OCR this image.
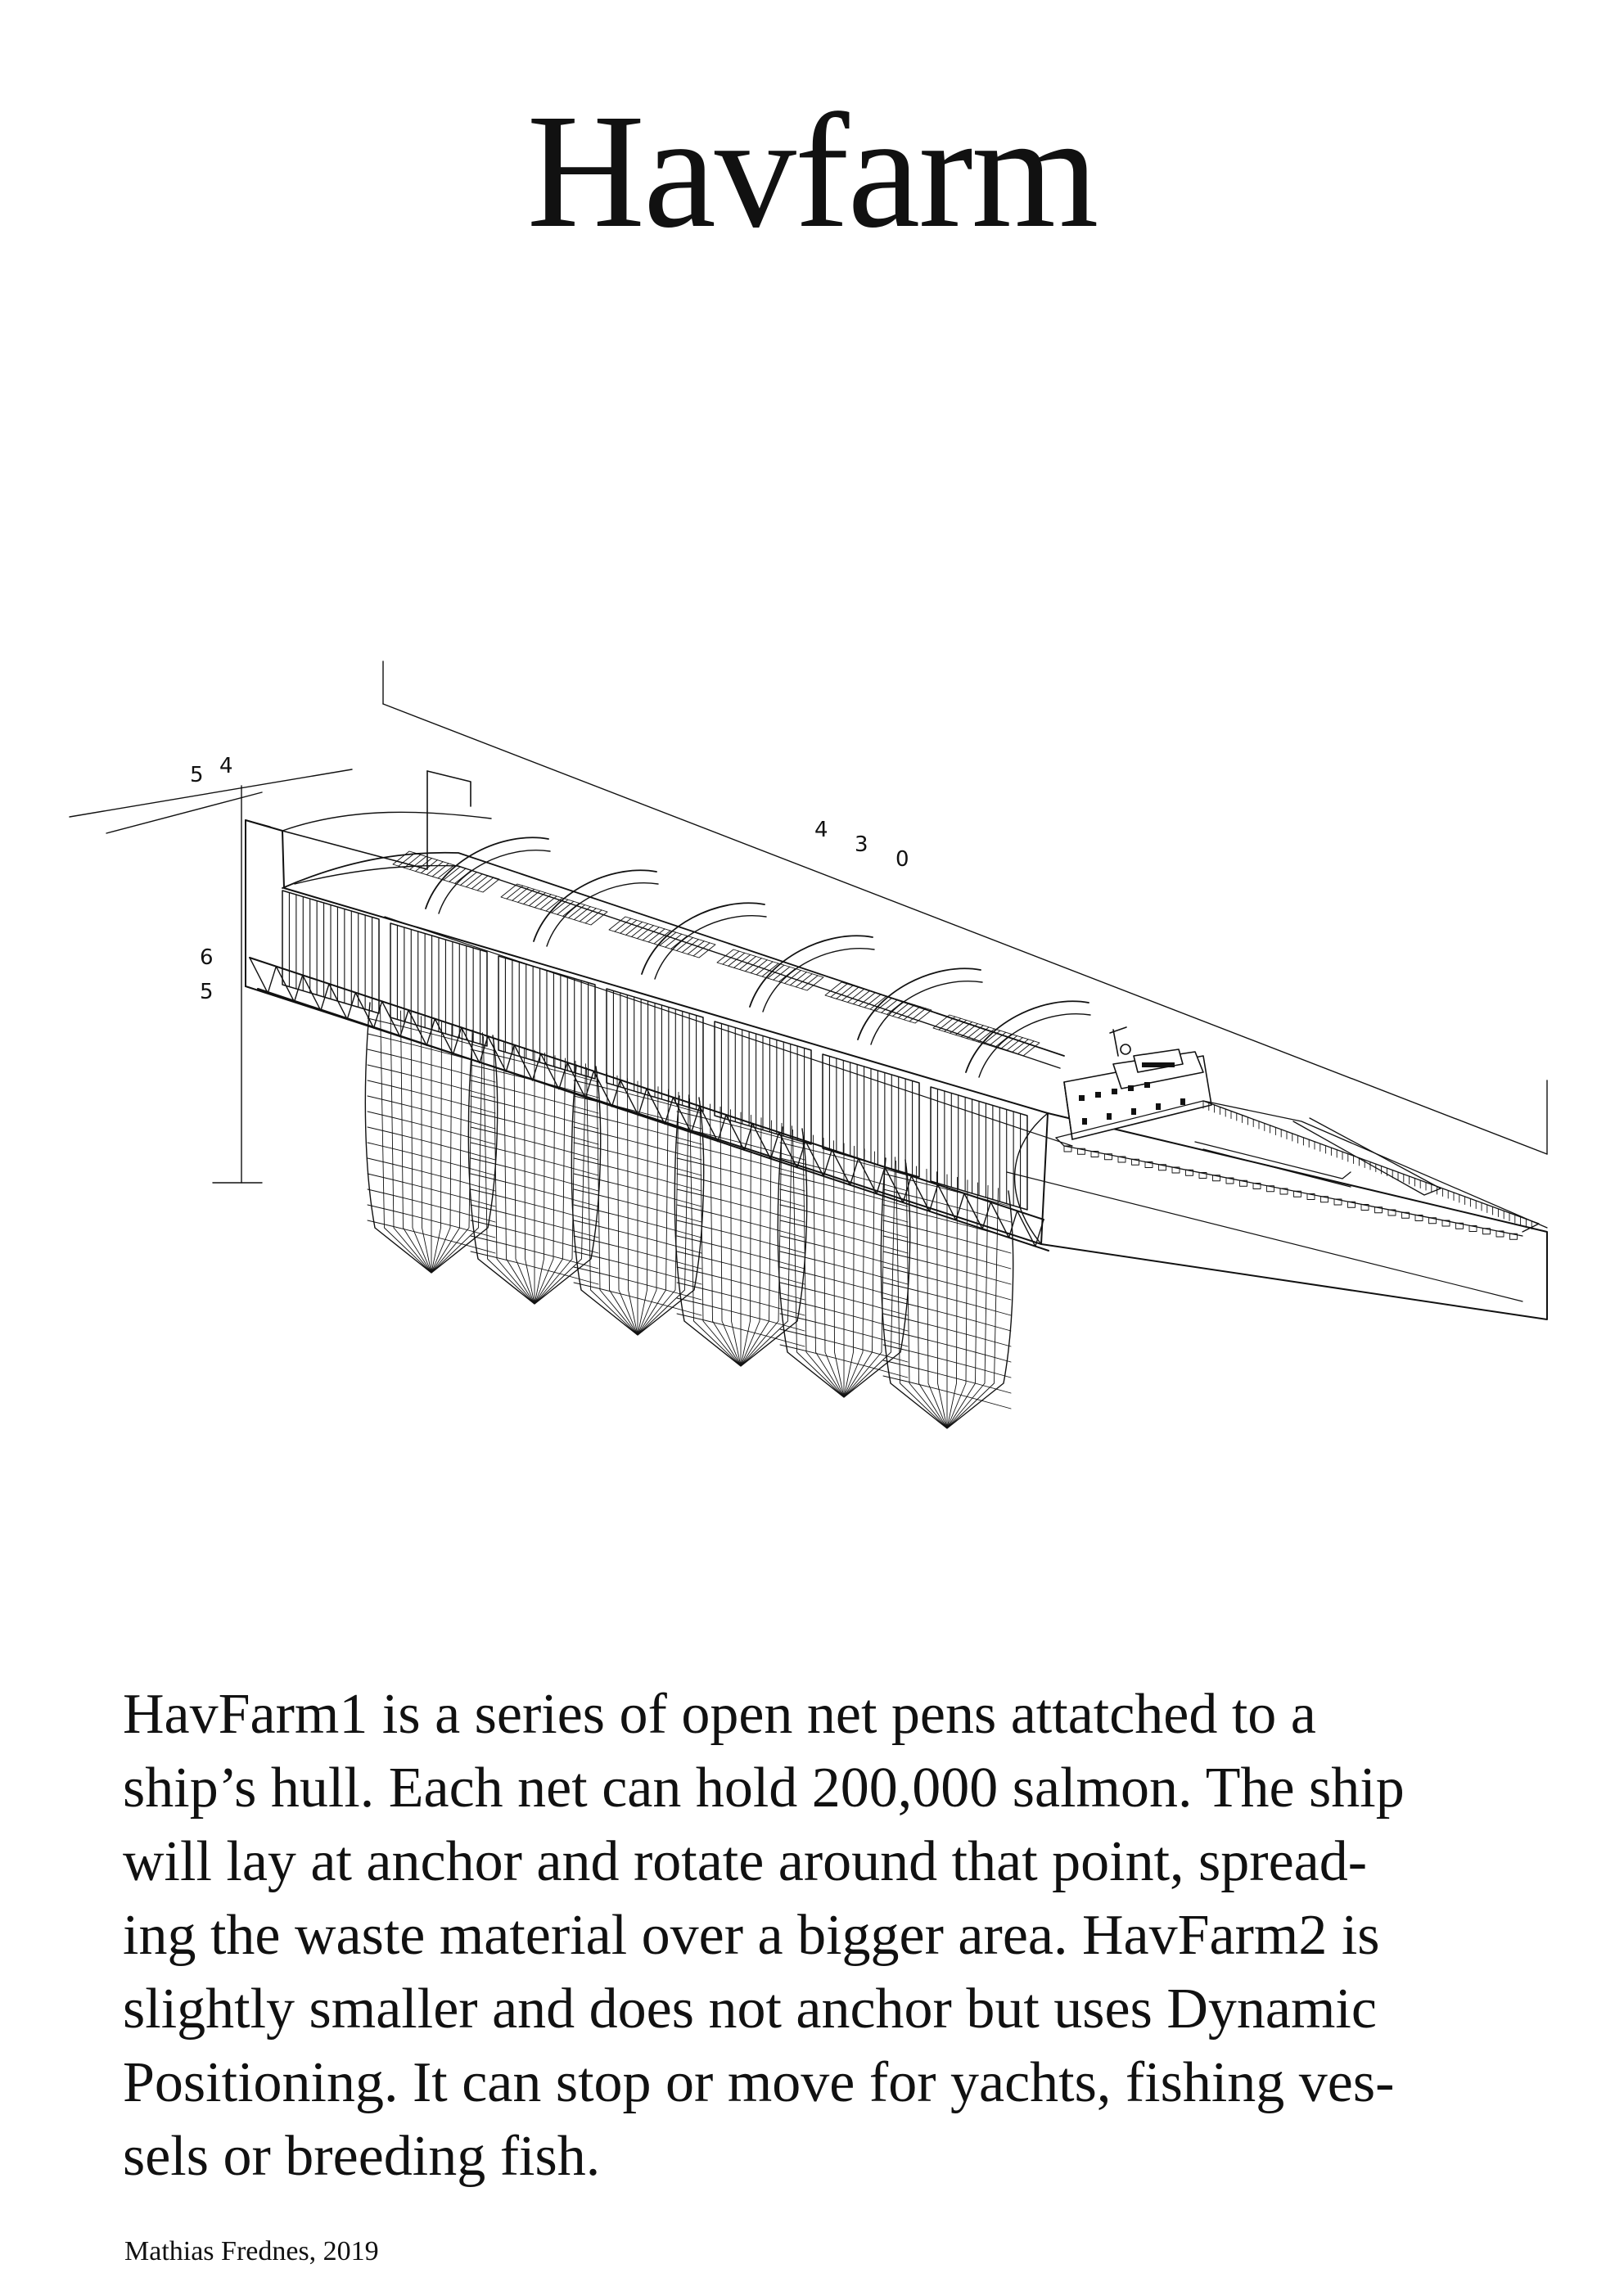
Havfarm
5 4
4
3
0
6
5

HavFarm1 is a series of open net pens attatched to a
ship’s hull. Each net can hold 200,000 salmon. The ship
will lay at anchor and rotate around that point, spread-
ing the waste material over a bigger area. HavFarm2 is
slightly smaller and does not anchor but uses Dynamic
Positioning. It can stop or move for yachts, fishing ves-
sels or breeding fish.

Mathias Frednes, 2019
